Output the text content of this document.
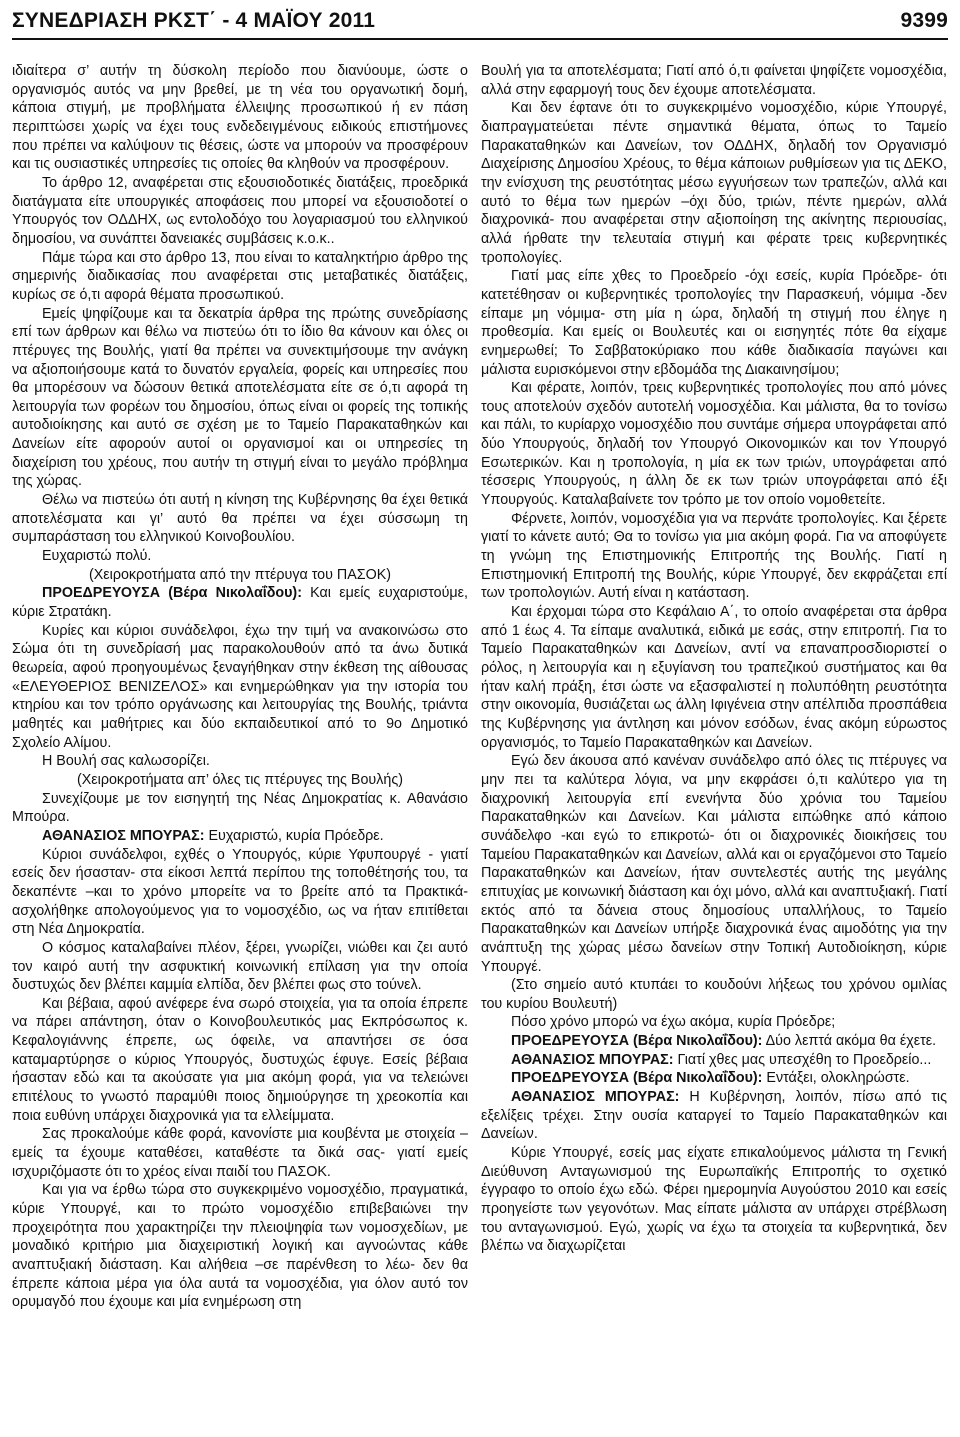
ΣΥΝΕΔΡΙΑΣΗ ΡΚΣΤ΄ - 4 ΜΑΪΟΥ 2011	9399

ιδιαίτερα σ’ αυτήν τη δύσκολη περίοδο που διανύουμε, ώστε ο οργανισμός αυτός να μην βρεθεί, με τη νέα του οργανωτική δομή, κάποια στιγμή, με προβλήματα έλλειψης προσωπικού ή εν πάση περιπτώσει χωρίς να έχει τους ενδεδειγμένους ειδικούς επιστήμονες που πρέπει να καλύψουν τις θέσεις, ώστε να μπορούν να προσφέρουν και τις ουσιαστικές υπηρεσίες τις οποίες θα κληθούν να προσφέρουν.

Το άρθρο 12, αναφέρεται στις εξουσιοδοτικές διατάξεις, προεδρικά διατάγματα είτε υπουργικές αποφάσεις που μπορεί να εξουσιοδοτεί ο Υπουργός τον ΟΔΔΗΧ, ως εντολοδόχο του λογαριασμού του ελληνικού δημοσίου, να συνάπτει δανειακές συμβάσεις κ.ο.κ..

Πάμε τώρα και στο άρθρο 13, που είναι το καταληκτήριο άρθρο της σημερινής διαδικασίας που αναφέρεται στις μεταβατικές διατάξεις, κυρίως σε ό,τι αφορά θέματα προσωπικού.

Εμείς ψηφίζουμε και τα δεκατρία άρθρα της πρώτης συνεδρίασης επί των άρθρων και θέλω να πιστεύω ότι το ίδιο θα κάνουν και όλες οι πτέρυγες της Βουλής, γιατί θα πρέπει να συνεκτιμήσουμε την ανάγκη να αξιοποιήσουμε κατά το δυνατόν εργαλεία, φορείς και υπηρεσίες που θα μπορέσουν να δώσουν θετικά αποτελέσματα είτε σε ό,τι αφορά τη λειτουργία των φορέων του δημοσίου, όπως είναι οι φορείς της τοπικής αυτοδιοίκησης και αυτό σε σχέση με το Ταμείο Παρακαταθηκών και Δανείων είτε αφορούν αυτοί οι οργανισμοί και οι υπηρεσίες τη διαχείριση του χρέους, που αυτήν τη στιγμή είναι το μεγάλο πρόβλημα της χώρας.

Θέλω να πιστεύω ότι αυτή η κίνηση της Κυβέρνησης θα έχει θετικά αποτελέσματα και γι’ αυτό θα πρέπει να έχει σύσσωμη τη συμπαράσταση του ελληνικού Κοινοβουλίου.

Ευχαριστώ πολύ.

(Χειροκροτήματα από την πτέρυγα του ΠΑΣΟΚ)

ΠΡΟΕΔΡΕΥΟΥΣΑ (Βέρα Νικολαΐδου): Και εμείς ευχαριστούμε, κύριε Στρατάκη.

Κυρίες και κύριοι συνάδελφοι, έχω την τιμή να ανακοινώσω στο Σώμα ότι τη συνεδρίασή μας παρακολουθούν από τα άνω δυτικά θεωρεία, αφού προηγουμένως ξεναγήθηκαν στην έκθεση της αίθουσας «ΕΛΕΥΘΕΡΙΟΣ ΒΕΝΙΖΕΛΟΣ» και ενημερώθηκαν για την ιστορία του κτηρίου και τον τρόπο οργάνωσης και λειτουργίας της Βουλής, τριάντα μαθητές και μαθήτριες και δύο εκπαιδευτικοί από το 9ο Δημοτικό Σχολείο Αλίμου.

Η Βουλή σας καλωσορίζει.

(Χειροκροτήματα απ’ όλες τις πτέρυγες της Βουλής)

Συνεχίζουμε με τον εισηγητή της Νέας Δημοκρατίας κ. Αθανάσιο Μπούρα.

ΑΘΑΝΑΣΙΟΣ ΜΠΟΥΡΑΣ: Ευχαριστώ, κυρία Πρόεδρε.

Κύριοι συνάδελφοι, εχθές ο Υπουργός, κύριε Υφυπουργέ - γιατί εσείς δεν ήσασταν- στα είκοσι λεπτά περίπου της τοποθέτησής του, τα δεκαπέντε –και το χρόνο μπορείτε να το βρείτε από τα Πρακτικά- ασχολήθηκε απολογούμενος για το νομοσχέδιο, ως να ήταν επιτίθεται στη Νέα Δημοκρατία.

Ο κόσμος καταλαβαίνει πλέον, ξέρει, γνωρίζει, νιώθει και ζει αυτό τον καιρό αυτή την ασφυκτική κοινωνική επίλαση για την οποία δυστυχώς δεν βλέπει καμμία ελπίδα, δεν βλέπει φως στο τούνελ.

Και βέβαια, αφού ανέφερε ένα σωρό στοιχεία, για τα οποία έπρεπε να πάρει απάντηση, όταν ο Κοινοβουλευτικός μας Εκπρόσωπος κ. Κεφαλογιάννης έπρεπε, ως όφειλε, να απαντήσει σε όσα καταμαρτύρησε ο κύριος Υπουργός, δυστυχώς έφυγε. Εσείς βέβαια ήσασταν εδώ και τα ακούσατε για μια ακόμη φορά, για να τελειώνει επιτέλους το γνωστό παραμύθι ποιος δημιούργησε τη χρεοκοπία και ποια ευθύνη υπάρχει διαχρονικά για τα ελλείμματα.

Σας προκαλούμε κάθε φορά, κανονίστε μια κουβέντα με στοιχεία –εμείς τα έχουμε καταθέσει, καταθέστε τα δικά σας- γιατί εμείς ισχυριζόμαστε ότι το χρέος είναι παιδί του ΠΑΣΟΚ.

Και για να έρθω τώρα στο συγκεκριμένο νομοσχέδιο, πραγματικά, κύριε Υπουργέ, και το πρώτο νομοσχέδιο επιβεβαιώνει την προχειρότητα που χαρακτηρίζει την πλειοψηφία των νομοσχεδίων, με μοναδικό κριτήριο μια διαχειριστική λογική και αγνοώντας κάθε αναπτυξιακή διάσταση. Και αλήθεια –σε παρένθεση το λέω- δεν θα έπρεπε κάποια μέρα για όλα αυτά τα νομοσχέδια, για όλον αυτό τον ορυμαγδό που έχουμε και μία ενημέρωση στη

Βουλή για τα αποτελέσματα; Γιατί από ό,τι φαίνεται ψηφίζετε νομοσχέδια, αλλά στην εφαρμογή τους δεν έχουμε αποτελέσματα.

Και δεν έφτανε ότι το συγκεκριμένο νομοσχέδιο, κύριε Υπουργέ, διαπραγματεύεται πέντε σημαντικά θέματα, όπως το Ταμείο Παρακαταθηκών και Δανείων, τον ΟΔΔΗΧ, δηλαδή τον Οργανισμό Διαχείρισης Δημοσίου Χρέους, το θέμα κάποιων ρυθμίσεων για τις ΔΕΚΟ, την ενίσχυση της ρευστότητας μέσω εγγυήσεων των τραπεζών, αλλά και αυτό το θέμα των ημερών –όχι δύο, τριών, πέντε ημερών, αλλά διαχρονικά- που αναφέρεται στην αξιοποίηση της ακίνητης περιουσίας, αλλά ήρθατε την τελευταία στιγμή και φέρατε τρεις κυβερνητικές τροπολογίες.

Γιατί μας είπε χθες το Προεδρείο -όχι εσείς, κυρία Πρόεδρε- ότι κατετέθησαν οι κυβερνητικές τροπολογίες την Παρασκευή, νόμιμα -δεν είπαμε μη νόμιμα- στη μία η ώρα, δηλαδή τη στιγμή που έληγε η προθεσμία. Και εμείς οι Βουλευτές και οι εισηγητές πότε θα είχαμε ενημερωθεί; Το Σαββατοκύριακο που κάθε διαδικασία παγώνει και μάλιστα ευρισκόμενοι στην εβδομάδα της Διακαινησίμου;

Και φέρατε, λοιπόν, τρεις κυβερνητικές τροπολογίες που από μόνες τους αποτελούν σχεδόν αυτοτελή νομοσχέδια. Και μάλιστα, θα το τονίσω και πάλι, το κυρίαρχο νομοσχέδιο που συντάμε σήμερα υπογράφεται από δύο Υπουργούς, δηλαδή τον Υπουργό Οικονομικών και τον Υπουργό Εσωτερικών. Και η τροπολογία, η μία εκ των τριών, υπογράφεται από τέσσερις Υπουργούς, η άλλη δε εκ των τριών υπογράφεται από έξι Υπουργούς. Καταλαβαίνετε τον τρόπο με τον οποίο νομοθετείτε.

Φέρνετε, λοιπόν, νομοσχέδια για να περνάτε τροπολογίες. Και ξέρετε γιατί το κάνετε αυτό; Θα το τονίσω για μια ακόμη φορά. Για να αποφύγετε τη γνώμη της Επιστημονικής Επιτροπής της Βουλής. Γιατί η Επιστημονική Επιτροπή της Βουλής, κύριε Υπουργέ, δεν εκφράζεται επί των τροπολογιών. Αυτή είναι η κατάσταση.

Και έρχομαι τώρα στο Κεφάλαιο Α΄, το οποίο αναφέρεται στα άρθρα από 1 έως 4. Τα είπαμε αναλυτικά, ειδικά με εσάς, στην επιτροπή. Για το Ταμείο Παρακαταθηκών και Δανείων, αντί να επαναπροσδιοριστεί ο ρόλος, η λειτουργία και η εξυγίανση του τραπεζικού συστήματος και θα ήταν καλή πράξη, έτσι ώστε να εξασφαλιστεί η πολυπόθητη ρευστότητα στην οικονομία, θυσιάζεται ως άλλη Ιφιγένεια στην απέλπιδα προσπάθεια της Κυβέρνησης για άντληση και μόνον εσόδων, ένας ακόμη εύρωστος οργανισμός, το Ταμείο Παρακαταθηκών και Δανείων.

Εγώ δεν άκουσα από κανέναν συνάδελφο από όλες τις πτέρυγες να μην πει τα καλύτερα λόγια, να μην εκφράσει ό,τι καλύτερο για τη διαχρονική λειτουργία επί ενενήντα δύο χρόνια του Ταμείου Παρακαταθηκών και Δανείων. Και μάλιστα ειπώθηκε από κάποιο συνάδελφο -και εγώ το επικροτώ- ότι οι διαχρονικές διοικήσεις του Ταμείου Παρακαταθηκών και Δανείων, αλλά και οι εργαζόμενοι στο Ταμείο Παρακαταθηκών και Δανείων, ήταν συντελεστές αυτής της μεγάλης επιτυχίας με κοινωνική διάσταση και όχι μόνο, αλλά και αναπτυξιακή. Γιατί εκτός από τα δάνεια στους δημοσίους υπαλλήλους, το Ταμείο Παρακαταθηκών και Δανείων υπήρξε διαχρονικά ένας αιμοδότης για την ανάπτυξη της χώρας μέσω δανείων στην Τοπική Αυτοδιοίκηση, κύριε Υπουργέ.

(Στο σημείο αυτό κτυπάει το κουδούνι λήξεως του χρόνου ομιλίας του κυρίου Βουλευτή)

Πόσο χρόνο μπορώ να έχω ακόμα, κυρία Πρόεδρε;

ΠΡΟΕΔΡΕΥΟΥΣΑ (Βέρα Νικολαΐδου): Δύο λεπτά ακόμα θα έχετε.

ΑΘΑΝΑΣΙΟΣ ΜΠΟΥΡΑΣ: Γιατί χθες μας υπεσχέθη το Προεδρείο...

ΠΡΟΕΔΡΕΥΟΥΣΑ (Βέρα Νικολαΐδου): Εντάξει, ολοκληρώστε.

ΑΘΑΝΑΣΙΟΣ ΜΠΟΥΡΑΣ: Η Κυβέρνηση, λοιπόν, πίσω από τις εξελίξεις τρέχει. Στην ουσία καταργεί το Ταμείο Παρακαταθηκών και Δανείων.

Κύριε Υπουργέ, εσείς μας είχατε επικαλούμενος μάλιστα τη Γενική Διεύθυνση Ανταγωνισμού της Ευρωπαϊκής Επιτροπής το σχετικό έγγραφο το οποίο έχω εδώ. Φέρει ημερομηνία Αυγούστου 2010 και εσείς προηγείστε των γεγονότων. Μας είπατε μάλιστα αν υπάρχει στρέβλωση του ανταγωνισμού. Εγώ, χωρίς να έχω τα στοιχεία τα κυβερνητικά, δεν βλέπω να διαχωρίζεται
